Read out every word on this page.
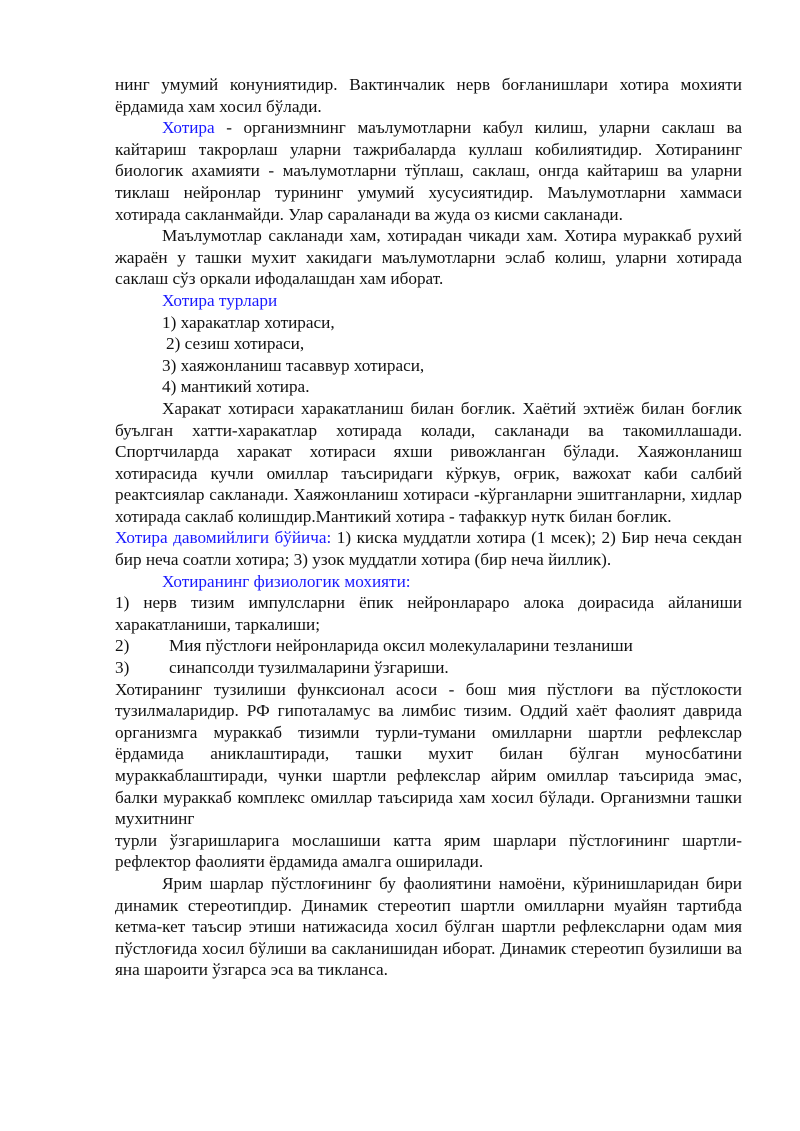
нинг умумий конуниятидир. Вактинчалик нерв боғланишлари хотира мохияти ёрдамида хам хосил бўлади.

Хотира - организмнинг маълумотларни кабул килиш, уларни саклаш ва кайтариш такрорлаш уларни тажрибаларда куллаш кобилиятидир. Хотиранинг биологик ахамияти - маълумотларни тўплаш, саклаш, онгда кайтариш ва уларни тиклаш нейронлар турининг умумий хусусиятидир. Маълумотларни хаммаси хотирада сакланмайди. Улар сараланади ва жуда оз кисми сакланади.

Маълумотлар сакланади хам, хотирадан чикади хам. Хотира мураккаб рухий жараён у ташки мухит хакидаги маълумотларни эслаб колиш, уларни хотирада саклаш сўз оркали ифодалашдан хам иборат.

Хотира турлари

1) харакатлар хотираси,

2) сезиш хотираси,

3) хаяжонланиш тасаввур хотираси,

4) мантикий хотира.

Харакат хотираси харакатланиш билан боғлик. Хаётий эхтиёж билан боғлик буълган хатти-харакатлар хотирада колади, сакланади ва такомиллашади. Спортчиларда харакат хотираси яхши ривожланган бўлади. Хаяжонланиш хотирасида кучли омиллар таъсиридаги кўркув, оғрик, важохат каби салбий реактсиялар сакланади. Хаяжонланиш хотираси -кўрганларни эшитганларни, хидлар хотирада саклаб колишдир.Мантикий хотира - тафаккур нутк билан боғлик.

Хотира давомийлиги бўйича: 1) киска муддатли хотира (1 мсек); 2) Бир неча секдан бир неча соатли хотира; 3) узок муддатли хотира (бир неча йиллик).

Хотиранинг физиологик мохияти:

1) нерв тизим импулсларни ёпик нейронлараро алока доирасида айланиши харакатланиши, таркалиши;

2)	Мия пўстлоғи нейронларида оксил молекулаларини тезланиши
3)	синапсолди тузилмаларини ўзгариши.

Хотиранинг тузилиши функсионал асоси - бош мия пўстлоғи ва пўстлокости тузилмаларидир. РФ гипоталамус ва лимбис тизим. Оддий хаёт фаолият даврида организмга мураккаб тизимли турли-тумани омилларни шартли рефлекслар ёрдамида аниклаштиради, ташки мухит билан бўлган муносбатини мураккаблаштиради, чунки шартли рефлекслар айрим омиллар таъсирида эмас, балки мураккаб комплекс омиллар таъсирида хам хосил бўлади. Организмни ташки мухитнинг

турли ўзгаришларига мослашиши катта ярим шарлари пўстлоғининг шартли-рефлектор фаолияти ёрдамида амалга оширилади.

Ярим шарлар пўстлоғининг бу фаолиятини намоёни, кўринишларидан бири динамик стереотипдир. Динамик стереотип шартли омилларни муайян тартибда кетма-кет таъсир этиши натижасида хосил бўлган шартли рефлексларни одам мия пўстлоғида хосил бўлиши ва сакланишидан иборат. Динамик стереотип бузилиши ва яна шароити ўзгарса эса ва тикланса.
